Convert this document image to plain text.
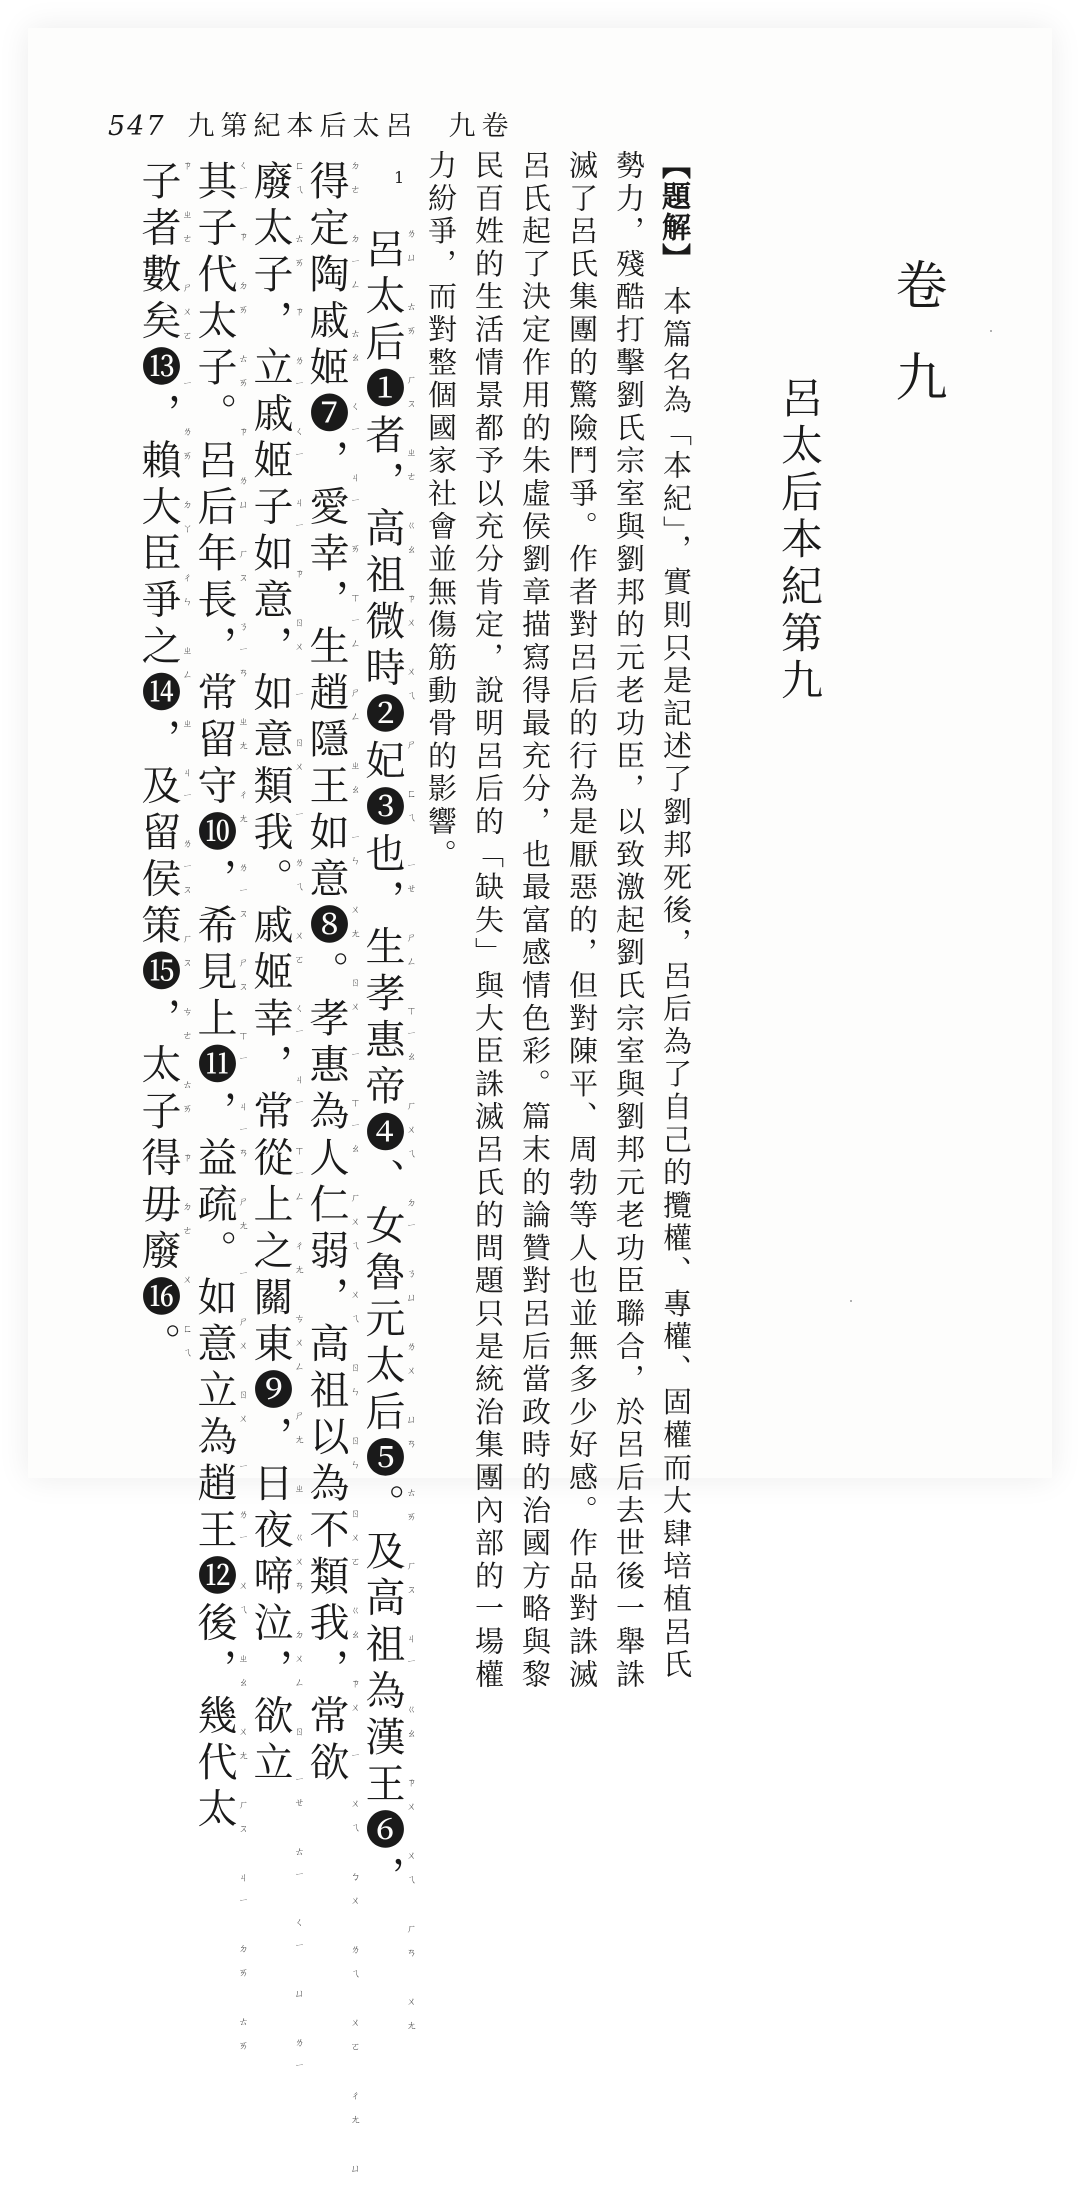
547 九第紀本后太呂 九卷
卷九
呂太后本紀第九
【題解】
本篇名為「本紀」，實則只是記述了劉邦死後，呂后為了自己的攬權、專權、固權而大肆培植呂氏
勢力，殘酷打擊劉氏宗室與劉邦的元老功臣，以致激起劉氏宗室與劉邦元老功臣聯合，於呂后去世後一舉誅
滅了呂氏集團的驚險鬥爭。作者對呂后的行為是厭惡的，但對陳平、周勃等人也並無多少好感。作品對誅滅
呂氏起了決定作用的朱虛侯劉章描寫得最充分，也最富感情色彩。篇末的論贊對呂后當政時的治國方略與黎
民百姓的生活情景都予以充分肯定，說明呂后的「缺失」與大臣誅滅呂氏的問題只是統治集團內部的一場權
力紛爭，而對整個國家社會並無傷筋動骨的影響。
1
呂太后❶者，高祖微時❷妃❸也，生孝惠帝❹、女魯元太后❺。及高祖為漢王❻，
得定陶戚姬❼，愛幸，生趙隱王如意❽。孝惠為人仁弱，高祖以為不類我，常欲
廢太子，立戚姬子如意，如意類我。戚姬幸，常從上之關東❾，日夜啼泣，欲立
其子代太子。呂后年長，常留守❿，希見上⓫，益疏。如意立為趙王⓬後，幾代太
子者數矣⓭，賴大臣爭之⓮，及留侯策⓯，太子得毋廢⓰。	ㄌㄩ ㄊㄞ ㄏㄡ ㄓㄜ ㄍㄠ ㄗㄨ ㄨㄟ ㄕ ㄈㄟ ㄧㄝ ㄕㄥ ㄒㄧㄠ ㄏㄨㄟ ㄉㄧ ㄋㄩ ㄌㄨ ㄩㄢ ㄊㄞ ㄏㄡ ㄐㄧ ㄍㄠ ㄗㄨ ㄨㄟ ㄏㄢ ㄨㄤ
ㄉㄜ ㄉㄧㄥ ㄊㄠ ㄑㄧ ㄐㄧ ㄞ ㄒㄧㄥ ㄕㄥ ㄓㄠ ㄧㄣ ㄨㄤ ㄖㄨ ㄧ ㄒㄧㄠ ㄏㄨㄟ ㄨㄟ ㄖㄣ ㄖㄣ ㄖㄨㄛ ㄍㄠ ㄗㄨ ㄧ ㄨㄟ ㄅㄨ ㄌㄟ ㄨㄛ ㄔㄤ ㄩ
ㄈㄟ ㄊㄞ ㄗ ㄌㄧ ㄑㄧ ㄐㄧ ㄗ ㄖㄨ ㄧ ㄖㄨ ㄧ ㄌㄟ ㄨㄛ ㄑㄧ ㄐㄧ ㄒㄧㄥ ㄔㄤ ㄘㄨㄥ ㄕㄤ ㄓ ㄍㄨㄢ ㄉㄨㄥ ㄖ ㄧㄝ ㄊㄧ ㄑㄧ ㄩ ㄌㄧ
ㄑㄧ ㄗ ㄉㄞ ㄊㄞ ㄗ ㄌㄩ ㄏㄡ ㄋㄧㄢ ㄓㄤ ㄔㄤ ㄌㄧㄡ ㄕㄡ ㄒㄧ ㄐㄧㄢ ㄕㄤ ㄧ ㄕㄨ ㄖㄨ ㄧ ㄌㄧ ㄨㄟ ㄓㄠ ㄨㄤ ㄏㄡ ㄐㄧ ㄉㄞ ㄊㄞ
ㄗ ㄓㄜ ㄕㄨㄛ ㄧ ㄌㄞ ㄉㄚ ㄔㄣ ㄓㄥ ㄓ ㄐㄧ ㄌㄧㄡ ㄏㄡ ㄘㄜ ㄊㄞ ㄗ ㄉㄜ ㄨ ㄈㄟ
